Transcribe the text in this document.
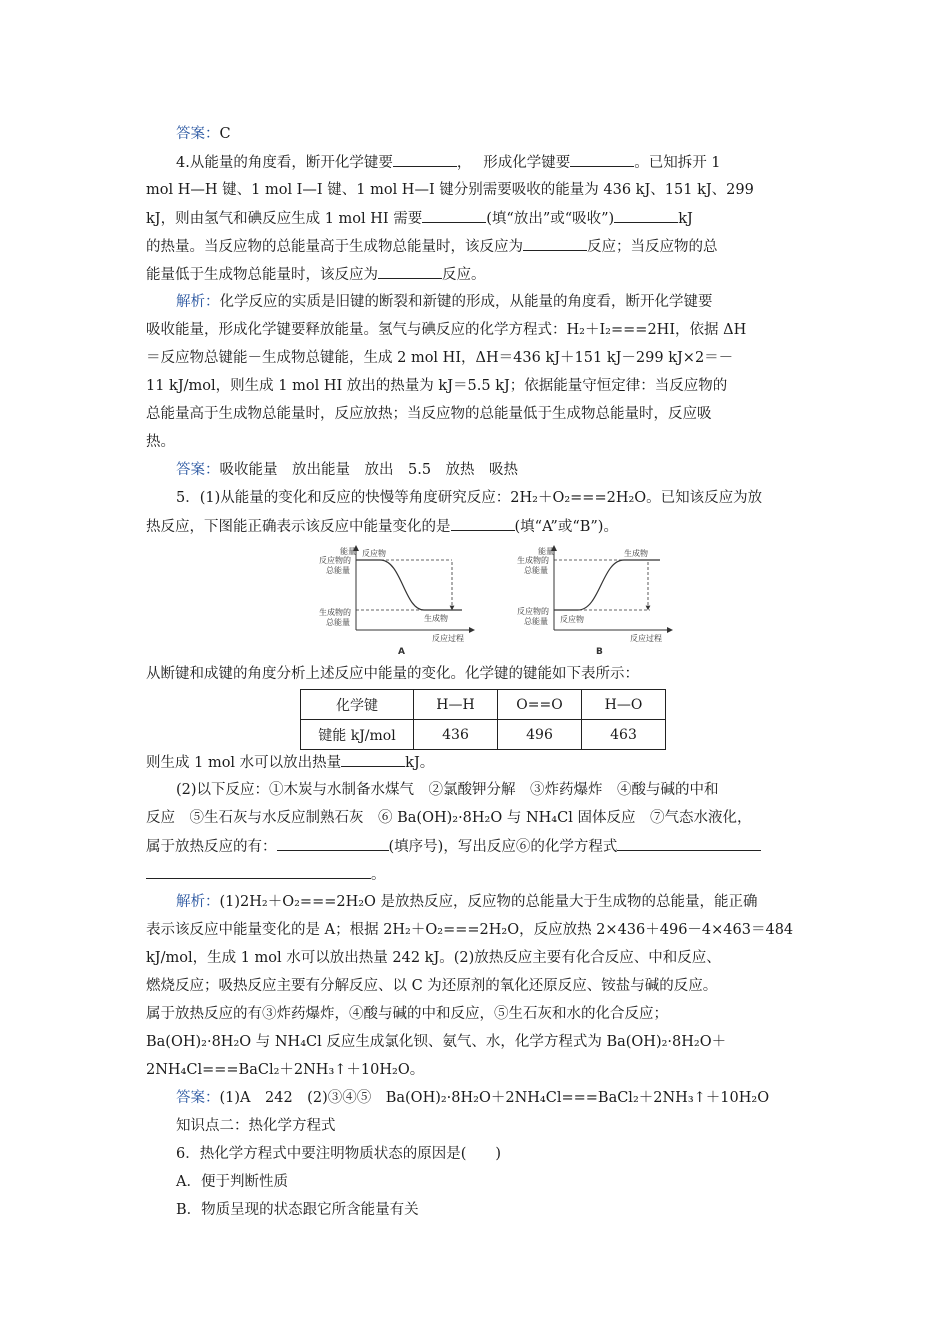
答案：C
4.从能量的角度看，断开化学键要	，　 形成化学键要	。已知拆开 1
mol H—H 键、1 mol I—I 键、1 mol H—I 键分别需要吸收的能量为 436 kJ、151 kJ、299
kJ，则由氢气和碘反应生成 1 mol HI 需要	(填“放出”或“吸收”)	kJ
的热量。当反应物的总能量高于生成物总能量时，该反应为	反应；当反应物的总
能量低于生成物总能量时，该反应为	反应。
解析：化学反应的实质是旧键的断裂和新键的形成，从能量的角度看，断开化学键要
吸收能量，形成化学键要释放能量。氢气与碘反应的化学方程式：H₂＋I₂===2HI，依据 ΔH
＝反应物总键能－生成物总键能，生成 2 mol HI，ΔH＝436 kJ＋151 kJ－299 kJ×2＝－
11 kJ/mol，则生成 1 mol HI 放出的热量为 kJ＝5.5 kJ；依据能量守恒定律：当反应物的
总能量高于生成物总能量时，反应放热；当反应物的总能量低于生成物总能量时，反应吸
热。
答案：吸收能量　放出能量　放出　5.5　放热　吸热
5．(1)从能量的变化和反应的快慢等角度研究反应：2H₂＋O₂===2H₂O。已知该反应为放
热反应，下图能正确表示该反应中能量变化的是	(填“A”或“B”)。
能量
反应物的
总能量
生成物的
总能量
反应物
生成物
反应过程
A
能量
生成物的
总能量
反应物的
总能量 反应物
生成物
反应过程
B
从断键和成键的角度分析上述反应中能量的变化。化学键的键能如下表所示：
化学键	H—H	O==O	H—O
键能 kJ/mol	436	496	463
则生成 1 mol 水可以放出热量	kJ。
(2)以下反应：①木炭与水制备水煤气　②氯酸钾分解　③炸药爆炸　④酸与碱的中和
反应　⑤生石灰与水反应制熟石灰　⑥ Ba(OH)₂·8H₂O 与 NH₄Cl 固体反应　⑦气态水液化，
属于放热反应的有：	(填序号)，写出反应⑥的化学方程式
。
解析：(1)2H₂＋O₂===2H₂O 是放热反应，反应物的总能量大于生成物的总能量，能正确
表示该反应中能量变化的是 A；根据 2H₂＋O₂===2H₂O，反应放热 2×436＋496－4×463＝484
kJ/mol，生成 1 mol 水可以放出热量 242 kJ。(2)放热反应主要有化合反应、中和反应、
燃烧反应；吸热反应主要有分解反应、以 C 为还原剂的氧化还原反应、铵盐与碱的反应。
属于放热反应的有③炸药爆炸，④酸与碱的中和反应，⑤生石灰和水的化合反应；
Ba(OH)₂·8H₂O 与 NH₄Cl 反应生成氯化钡、氨气、水，化学方程式为 Ba(OH)₂·8H₂O＋
2NH₄Cl===BaCl₂＋2NH₃↑＋10H₂O。
答案：(1)A　242　(2)③④⑤　Ba(OH)₂·8H₂O＋2NH₄Cl===BaCl₂＋2NH₃↑＋10H₂O
知识点二：热化学方程式
6．热化学方程式中要注明物质状态的原因是(　　)
A．便于判断性质
B．物质呈现的状态跟它所含能量有关
